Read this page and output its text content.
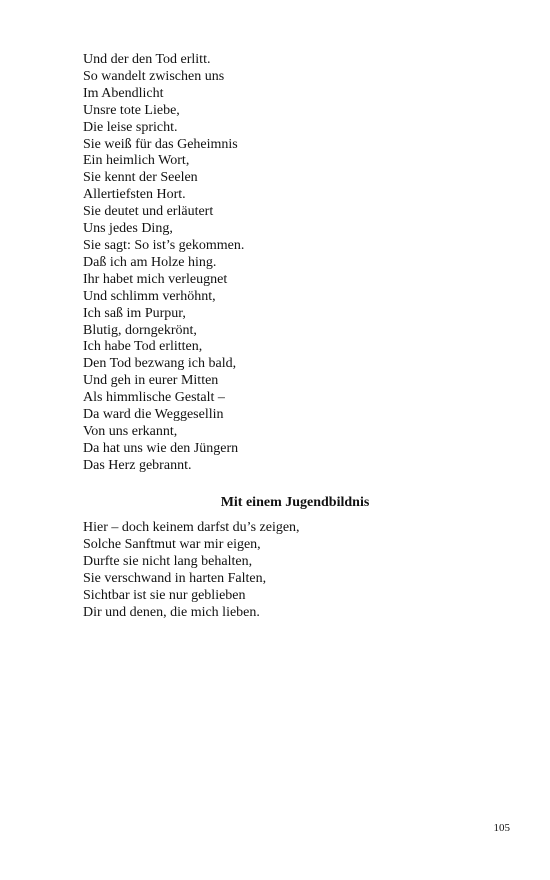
Und der den Tod erlitt.
So wandelt zwischen uns
Im Abendlicht
Unsre tote Liebe,
Die leise spricht.
Sie weiß für das Geheimnis
Ein heimlich Wort,
Sie kennt der Seelen
Allertiefsten Hort.
Sie deutet und erläutert
Uns jedes Ding,
Sie sagt: So ist’s gekommen.
Daß ich am Holze hing.
Ihr habet mich verleugnet
Und schlimm verhöhnt,
Ich saß im Purpur,
Blutig, dorngekrönt,
Ich habe Tod erlitten,
Den Tod bezwang ich bald,
Und geh in eurer Mitten
Als himmlische Gestalt –
Da ward die Weggesellin
Von uns erkannt,
Da hat uns wie den Jüngern
Das Herz gebrannt.
Mit einem Jugendbildnis
Hier – doch keinem darfst du’s zeigen,
Solche Sanftmut war mir eigen,
Durfte sie nicht lang behalten,
Sie verschwand in harten Falten,
Sichtbar ist sie nur geblieben
Dir und denen, die mich lieben.
105
